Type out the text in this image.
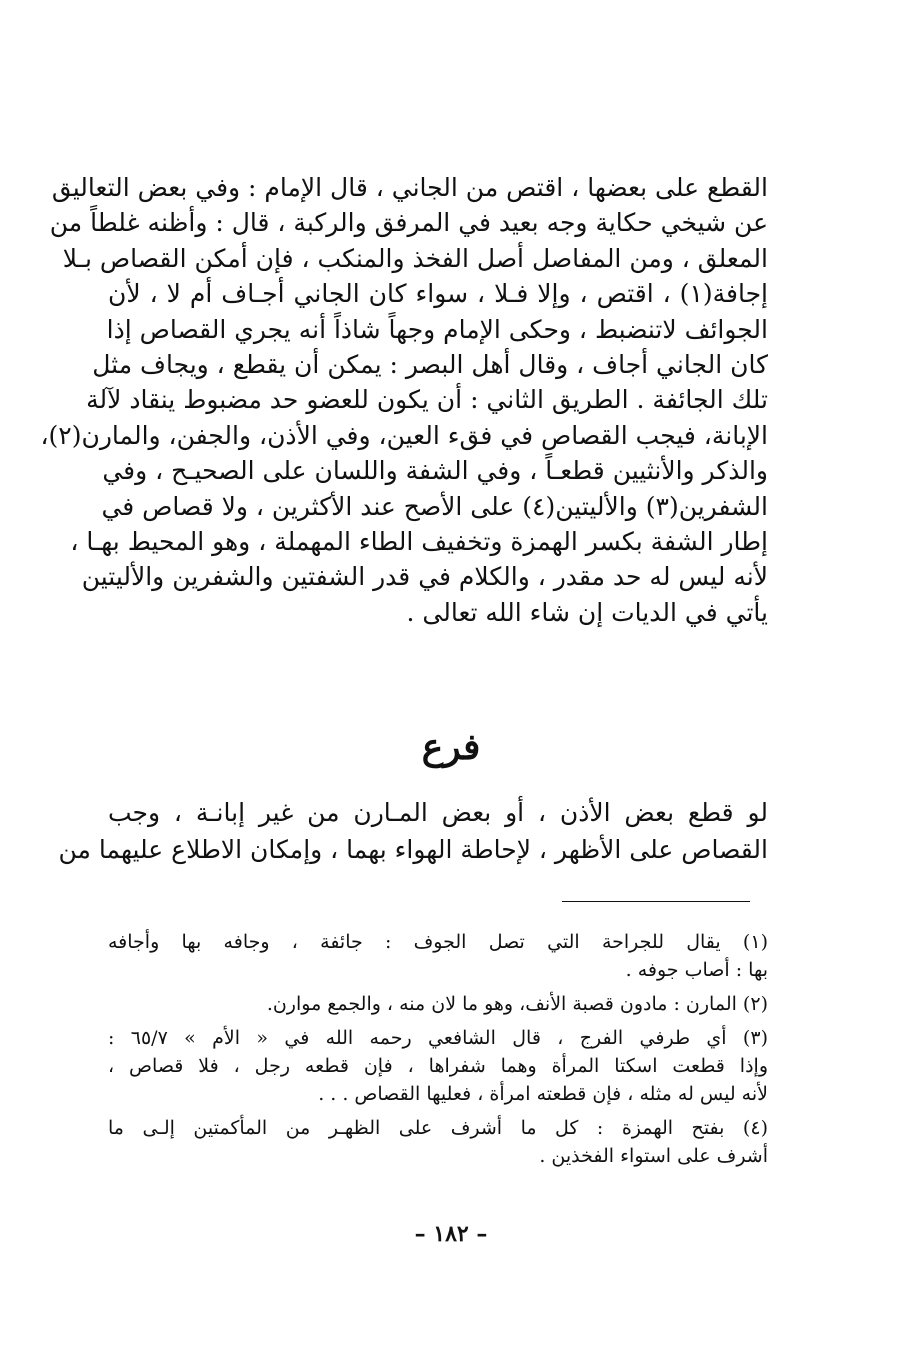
القطع على بعضها ، اقتص من الجاني ، قال الإمام : وفي بعض التعاليق
عن شيخي حكاية وجه بعيد في المرفق والركبة ، قال : وأظنه غلطاً من
المعلق ، ومن المفاصل أصل الفخذ والمنكب ، فإن أمكن القصاص بـلا
إجافة(١) ، اقتص ، وإلا فـلا ، سواء كان الجاني أجـاف أم لا ، لأن
الجوائف لاتنضبط ، وحكى الإمام وجهاً شاذاً أنه يجري القصاص إذا
كان الجاني أجاف ، وقال أهل البصر : يمكن أن يقطع ، ويجاف مثل
تلك الجائفة . الطريق الثاني : أن يكون للعضو حد مضبوط ينقاد لآلة
الإبانة، فيجب القصاص في فقء العين، وفي الأذن، والجفن، والمارن(٢)،
والذكر والأنثيين قطعـاً ، وفي الشفة واللسان على الصحيـح ، وفي
الشفرين(٣) والأليتين(٤) على الأصح عند الأكثرين ، ولا قصاص في
إطار الشفة بكسر الهمزة وتخفيف الطاء المهملة ، وهو المحيط بهـا ،
لأنه ليس له حد مقدر ، والكلام في قدر الشفتين والشفرين والأليتين
يأتي في الديات إن شاء الله تعالى .
فرع
لو قطع بعض الأذن ، أو بعض المـارن من غير إبانـة ، وجب
القصاص على الأظهر ، لإحاطة الهواء بهما ، وإمكان الاطلاع عليهما من
(١) يقال للجراحة التي تصل الجوف : جائفة ، وجافه بها وأجافه
بها : أصاب جوفه .
(٢) المارن : مادون قصبة الأنف، وهو ما لان منه ، والجمع موارن.
(٣) أي طرفي الفرج ، قال الشافعي رحمه الله في « الأم » ٦٥/٧ :
وإذا قطعت اسكتا المرأة وهما شفراها ، فإن قطعه رجل ، فلا قصاص ،
لأنه ليس له مثله ، فإن قطعته امرأة ، فعليها القصاص . . .
(٤) بفتح الهمزة : كل ما أشرف على الظهـر من المأكمتين إلـى ما
أشرف على استواء الفخذين .
– ١٨٢ –
